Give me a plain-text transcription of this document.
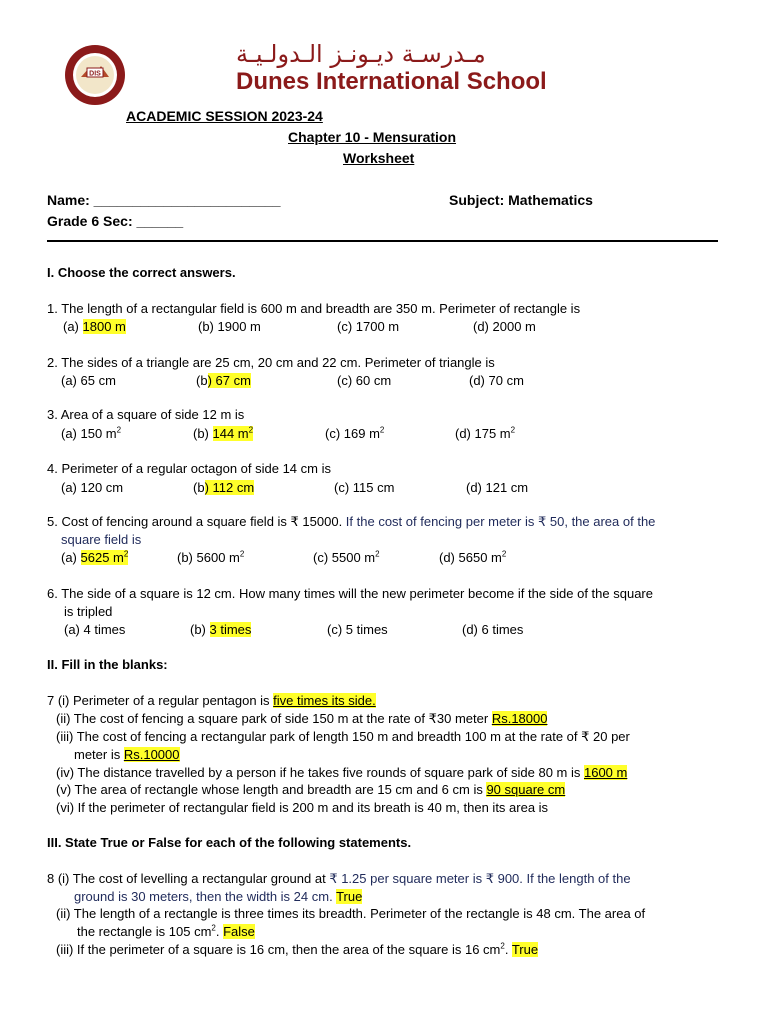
DIS
مـدرسـة ديـونـز الـدولـيـة
Dunes International School
ACADEMIC SESSION 2023-24
Chapter 10 - Mensuration
Worksheet
Name: ________________________	Subject: Mathematics
Grade 6 Sec: ______
I. Choose the correct answers.
1. The length of a rectangular field is 600 m and breadth are 350 m. Perimeter of rectangle is
(a) 1800 m	(b) 1900 m	(c) 1700 m	(d) 2000 m
2. The sides of a triangle are 25 cm, 20 cm and 22 cm. Perimeter of triangle is
(a) 65 cm	(b) 67 cm	(c) 60 cm	(d) 70 cm
3. Area of a square of side 12 m is
(a) 150 $m^2$	(b) 144 $m^2$	(c) 169 $m^2$	(d) 175 $m^2$
4. Perimeter of a regular octagon of side 14 cm is
(a) 120 cm	(b) 112 cm	(c) 115 cm	(d) 121 cm
5. Cost of fencing around a square field is ₹ 15000. If the cost of fencing per meter is ₹ 50, the area of the
square field is
(a) 5625 $m^2$	(b) 5600 $m^2$	(c) 5500 $m^2$	(d) 5650 $m^2$
6. The side of a square is 12 cm. How many times will the new perimeter become if the side of the square
is tripled
(a) 4 times	(b) 3 times	(c) 5 times	(d) 6 times
II. Fill in the blanks:
7 (i) Perimeter of a regular pentagon is five times its side.
(ii) The cost of fencing a square park of side 150 m at the rate of ₹30 meter Rs.18000
(iii) The cost of fencing a rectangular park of length 150 m and breadth 100 m at the rate of ₹ 20 per
meter is Rs.10000
(iv) The distance travelled by a person if he takes five rounds of square park of side 80 m is 1600 m
(v) The area of rectangle whose length and breadth are 15 cm and 6 cm is 90 square cm
(vi) If the perimeter of rectangular field is 200 m and its breath is 40 m, then its area is
III. State True or False for each of the following statements.
8 (i) The cost of levelling a rectangular ground at ₹ 1.25 per square meter is ₹ 900. If the length of the
ground is 30 meters, then the width is 24 cm. True
(ii) The length of a rectangle is three times its breadth. Perimeter of the rectangle is 48 cm. The area of
the rectangle is 105 $cm^2$. False
(iii) If the perimeter of a square is 16 cm, then the area of the square is 16 $cm^2$. True
